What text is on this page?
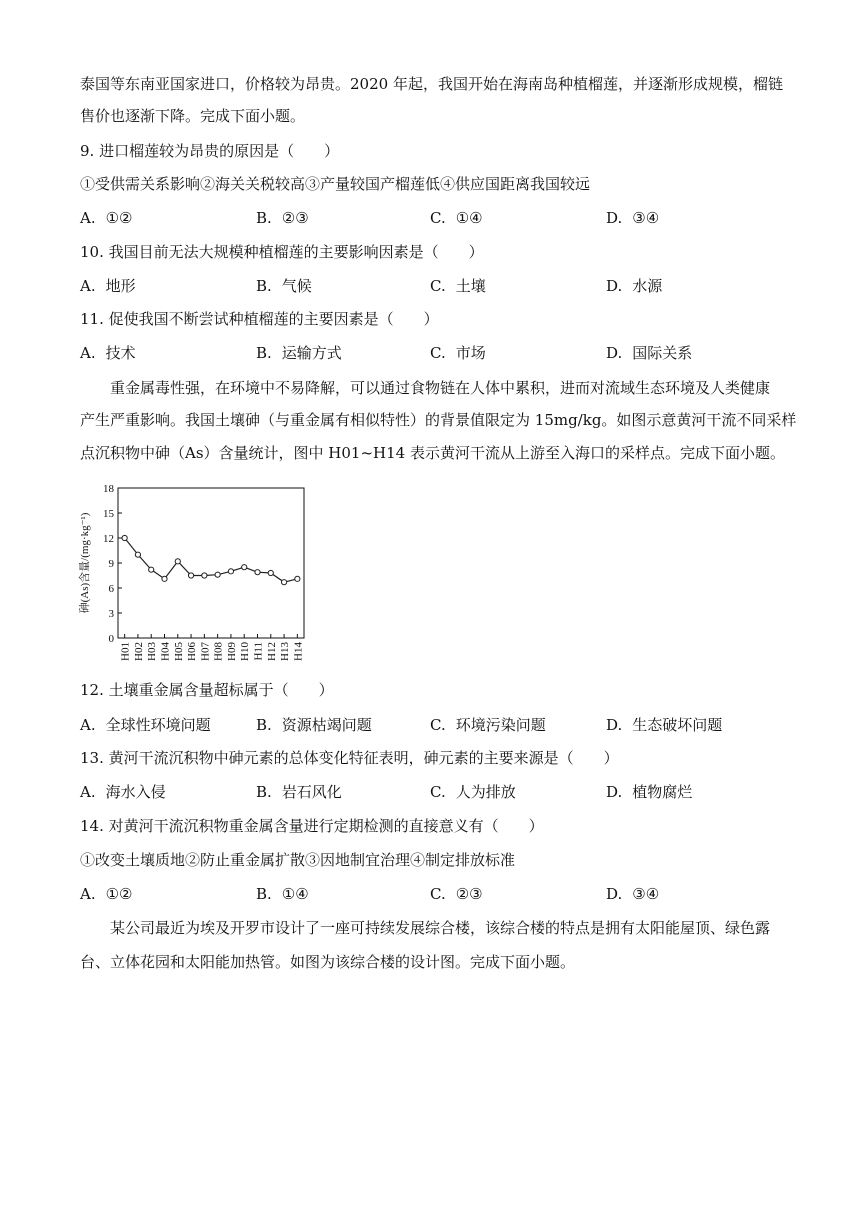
泰国等东南亚国家进口，价格较为昂贵。2020 年起，我国开始在海南岛种植榴莲，并逐渐形成规模，榴链
售价也逐渐下降。完成下面小题。
9. 进口榴莲较为昂贵的原因是（　　）
①受供需关系影响②海关关税较高③产量较国产榴莲低④供应国距离我国较远
A. ①②	B. ②③	C. ①④	D. ③④
10. 我国目前无法大规模种植榴莲的主要影响因素是（　　）
A. 地形	B. 气候	C. 土壤	D. 水源
11. 促使我国不断尝试种植榴莲的主要因素是（　　）
A. 技术	B. 运输方式	C. 市场	D. 国际关系
重金属毒性强，在环境中不易降解，可以通过食物链在人体中累积，进而对流域生态环境及人类健康
产生严重影响。我国土壤砷（与重金属有相似特性）的背景值限定为 15mg/kg。如图示意黄河干流不同采样
点沉积物中砷（As）含量统计，图中 H01~H14 表示黄河干流从上游至入海口的采样点。完成下面小题。
0
3
6
9
12
15
18
H01 H02 H03 H04 H05 H06 H07 H08 H09 H10 H11 H12 H13 H14
砷(As)含量/(mg·kg⁻¹)
12. 土壤重金属含量超标属于（　　）
A. 全球性环境问题	B. 资源枯竭问题	C. 环境污染问题	D. 生态破坏问题
13. 黄河干流沉积物中砷元素的总体变化特征表明，砷元素的主要来源是（　　）
A. 海水入侵	B. 岩石风化	C. 人为排放	D. 植物腐烂
14. 对黄河干流沉积物重金属含量进行定期检测的直接意义有（　　）
①改变土壤质地②防止重金属扩散③因地制宜治理④制定排放标准
A. ①②	B. ①④	C. ②③	D. ③④
某公司最近为埃及开罗市设计了一座可持续发展综合楼，该综合楼的特点是拥有太阳能屋顶、绿色露
台、立体花园和太阳能加热管。如图为该综合楼的设计图。完成下面小题。
